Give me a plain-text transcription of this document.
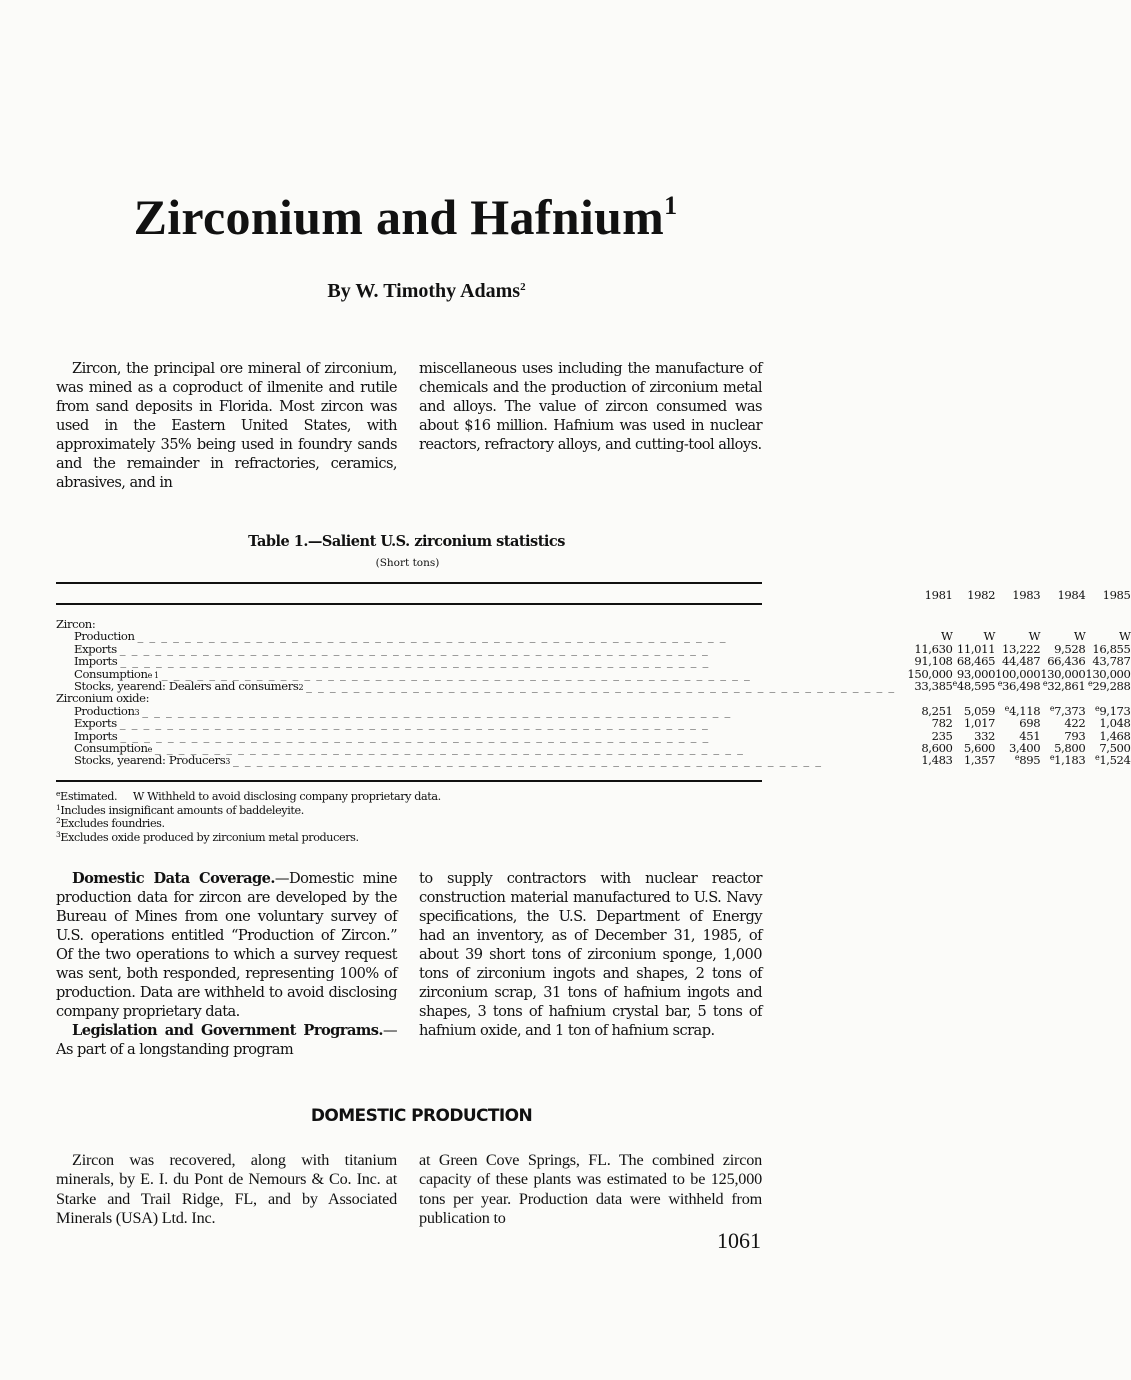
Zirconium and Hafnium$^1$
By W. Timothy Adams$^2$

Zircon, the principal ore mineral of zirconium, was mined as a coproduct of ilmenite and rutile from sand deposits in Florida. Most zircon was used in the Eastern United States, with approximately 35% being used in foundry sands and the remainder in refractories, ceramics, abrasives, and in

miscellaneous uses including the manufacture of chemicals and the production of zirconium metal and alloys. The value of zircon consumed was about $16 million. Hafnium was used in nuclear reactors, refractory alloys, and cutting-tool alloys.

Table 1.—Salient U.S. zirconium statistics
(Short tons)
	1981	1982	1983	1984	1985

Zircon:					

Production _ _ _ _ _ _ _ _ _ _ _ _ _ _ _ _ _ _ _ _ _ _ _ _ _ _ _ _ _ _ _ _ _ _ _ _ _ _ _ _ _ _ _ _ _ _ _ _ _ _	W	W	W	W	W

Exports _ _ _ _ _ _ _ _ _ _ _ _ _ _ _ _ _ _ _ _ _ _ _ _ _ _ _ _ _ _ _ _ _ _ _ _ _ _ _ _ _ _ _ _ _ _ _ _ _ _	11,630	11,011	13,222	9,528	16,855

Imports _ _ _ _ _ _ _ _ _ _ _ _ _ _ _ _ _ _ _ _ _ _ _ _ _ _ _ _ _ _ _ _ _ _ _ _ _ _ _ _ _ _ _ _ _ _ _ _ _ _	91,108	68,465	44,487	66,436	43,787

Consumption e 1 _ _ _ _ _ _ _ _ _ _ _ _ _ _ _ _ _ _ _ _ _ _ _ _ _ _ _ _ _ _ _ _ _ _ _ _ _ _ _ _ _ _ _ _ _ _ _ _ _ _	150,000	93,000	100,000	130,000	130,000

Stocks, yearend: Dealers and consumers 2 _ _ _ _ _ _ _ _ _ _ _ _ _ _ _ _ _ _ _ _ _ _ _ _ _ _ _ _ _ _ _ _ _ _ _ _ _ _ _ _ _ _ _ _ _ _ _ _ _ _	33,385	$^e$48,595	$^e$36,498	$^e$32,861	$^e$29,288
Zirconium oxide:					

Production 3 _ _ _ _ _ _ _ _ _ _ _ _ _ _ _ _ _ _ _ _ _ _ _ _ _ _ _ _ _ _ _ _ _ _ _ _ _ _ _ _ _ _ _ _ _ _ _ _ _ _	8,251	5,059	$^e$4,118	$^e$7,373	$^e$9,173

Exports _ _ _ _ _ _ _ _ _ _ _ _ _ _ _ _ _ _ _ _ _ _ _ _ _ _ _ _ _ _ _ _ _ _ _ _ _ _ _ _ _ _ _ _ _ _ _ _ _ _	782	1,017	698	422	1,048

Imports _ _ _ _ _ _ _ _ _ _ _ _ _ _ _ _ _ _ _ _ _ _ _ _ _ _ _ _ _ _ _ _ _ _ _ _ _ _ _ _ _ _ _ _ _ _ _ _ _ _	235	332	451	793	1,468

Consumption e _ _ _ _ _ _ _ _ _ _ _ _ _ _ _ _ _ _ _ _ _ _ _ _ _ _ _ _ _ _ _ _ _ _ _ _ _ _ _ _ _ _ _ _ _ _ _ _ _ _	8,600	5,600	3,400	5,800	7,500

Stocks, yearend: Producers 3 _ _ _ _ _ _ _ _ _ _ _ _ _ _ _ _ _ _ _ _ _ _ _ _ _ _ _ _ _ _ _ _ _ _ _ _ _ _ _ _ _ _ _ _ _ _ _ _ _ _	1,483	1,357	$^e$895	$^e$1,183	$^e$1,524
$^e$Estimated.     W Withheld to avoid disclosing company proprietary data.
$^1$Includes insignificant amounts of baddeleyite.
$^2$Excludes foundries.
$^3$Excludes oxide produced by zirconium metal producers.

Domestic Data Coverage.—Domestic mine production data for zircon are developed by the Bureau of Mines from one voluntary survey of U.S. operations entitled “Production of Zircon.” Of the two operations to which a survey request was sent, both responded, representing 100% of production. Data are withheld to avoid disclosing company proprietary data.

Legislation and Government Programs.—As part of a longstanding program

to supply contractors with nuclear reactor construction material manufactured to U.S. Navy specifications, the U.S. Department of Energy had an inventory, as of December 31, 1985, of about 39 short tons of zirconium sponge, 1,000 tons of zirconium ingots and shapes, 2 tons of zirconium scrap, 31 tons of hafnium ingots and shapes, 3 tons of hafnium crystal bar, 5 tons of hafnium oxide, and 1 ton of hafnium scrap.

DOMESTIC PRODUCTION

Zircon was recovered, along with titanium minerals, by E. I. du Pont de Nemours & Co. Inc. at Starke and Trail Ridge, FL, and by Associated Minerals (USA) Ltd. Inc.

at Green Cove Springs, FL. The combined zircon capacity of these plants was estimated to be 125,000 tons per year. Production data were withheld from publication to

1061
